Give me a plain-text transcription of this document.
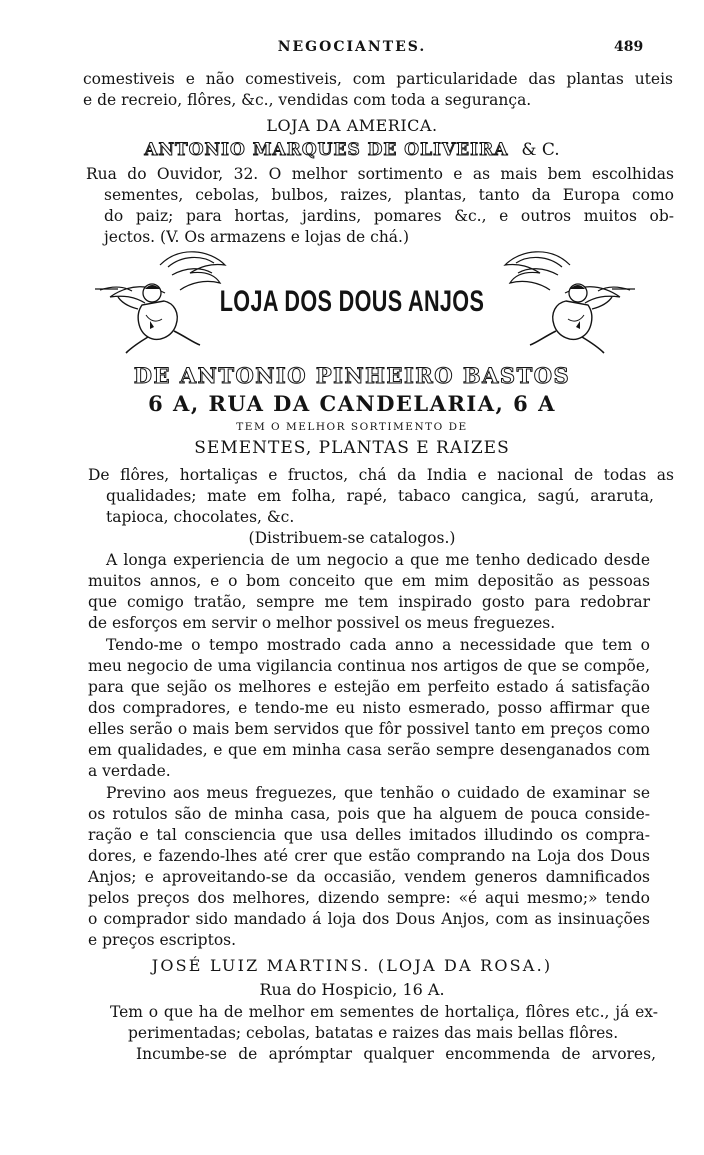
NEGOCIANTES.	489
comestiveis e não comestiveis, com particularidade das plantas uteis
e de recreio, flôres, &c., vendidas com toda a segurança.
LOJA DA AMERICA.
ANTONIO MARQUES DE OLIVEIRA & C.
Rua do Ouvidor, 32. O melhor sortimento e as mais bem escolhidas
sementes, cebolas, bulbos, raizes, plantas, tanto da Europa como
do paiz; para hortas, jardins, pomares &c., e outros muitos ob-
jectos. (V. Os armazens e lojas de chá.)
LOJA DOS DOUS ANJOS
DE ANTONIO PINHEIRO BASTOS
6 A, RUA DA CANDELARIA, 6 A
TEM O MELHOR SORTIMENTO DE
SEMENTES, PLANTAS E RAIZES
De flôres, hortaliças e fructos, chá da India e nacional de todas as
qualidades; mate em folha, rapé, tabaco cangica, sagú, araruta,
tapioca, chocolates, &c.
(Distribuem-se catalogos.)
A longa experiencia de um negocio a que me tenho dedicado desde
muitos annos, e o bom conceito que em mim depositão as pessoas
que comigo tratão, sempre me tem inspirado gosto para redobrar
de esforços em servir o melhor possivel os meus freguezes.
Tendo-me o tempo mostrado cada anno a necessidade que tem o
meu negocio de uma vigilancia continua nos artigos de que se compõe,
para que sejão os melhores e estejão em perfeito estado á satisfação
dos compradores, e tendo-me eu nisto esmerado, posso affirmar que
elles serão o mais bem servidos que fôr possivel tanto em preços como
em qualidades, e que em minha casa serão sempre desenganados com
a verdade.
Previno aos meus freguezes, que tenhão o cuidado de examinar se
os rotulos são de minha casa, pois que ha alguem de pouca conside-
ração e tal consciencia que usa delles imitados illudindo os compra-
dores, e fazendo-lhes até crer que estão comprando na Loja dos Dous
Anjos; e aproveitando-se da occasião, vendem generos damnificados
pelos preços dos melhores, dizendo sempre: «é aqui mesmo;» tendo
o comprador sido mandado á loja dos Dous Anjos, com as insinuações
e preços escriptos.
JOSÉ LUIZ MARTINS. (LOJA DA ROSA.)
Rua do Hospicio, 16 A.
Tem o que ha de melhor em sementes de hortaliça, flôres etc., já ex-
perimentadas; cebolas, batatas e raizes das mais bellas flôres.
Incumbe-se de aprómptar qualquer encommenda de arvores,
